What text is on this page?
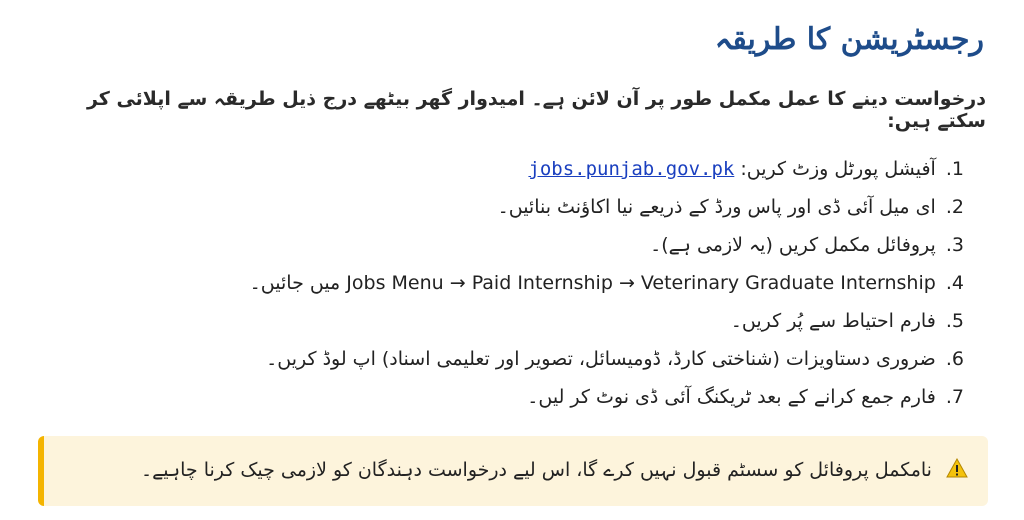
رجسٹریشن کا طریقہ
درخواست دینے کا عمل مکمل طور پر آن لائن ہے۔ امیدوار گھر بیٹھے درج ذیل طریقہ سے اپلائی کر سکتے ہیں:
1. آفیشل پورٹل وزٹ کریں: jobs.punjab.gov.pk
2. ای میل آئی ڈی اور پاس ورڈ کے ذریعے نیا اکاؤنٹ بنائیں۔
3. پروفائل مکمل کریں (یہ لازمی ہے)۔
4. Jobs Menu → Paid Internship → Veterinary Graduate Internship میں جائیں۔
5. فارم احتیاط سے پُر کریں۔
6. ضروری دستاویزات (شناختی کارڈ، ڈومیسائل، تصویر اور تعلیمی اسناد) اپ لوڈ کریں۔
7. فارم جمع کرانے کے بعد ٹریکنگ آئی ڈی نوٹ کر لیں۔
نامکمل پروفائل کو سسٹم قبول نہیں کرے گا، اس لیے درخواست دہندگان کو لازمی چیک کرنا چاہیے۔
